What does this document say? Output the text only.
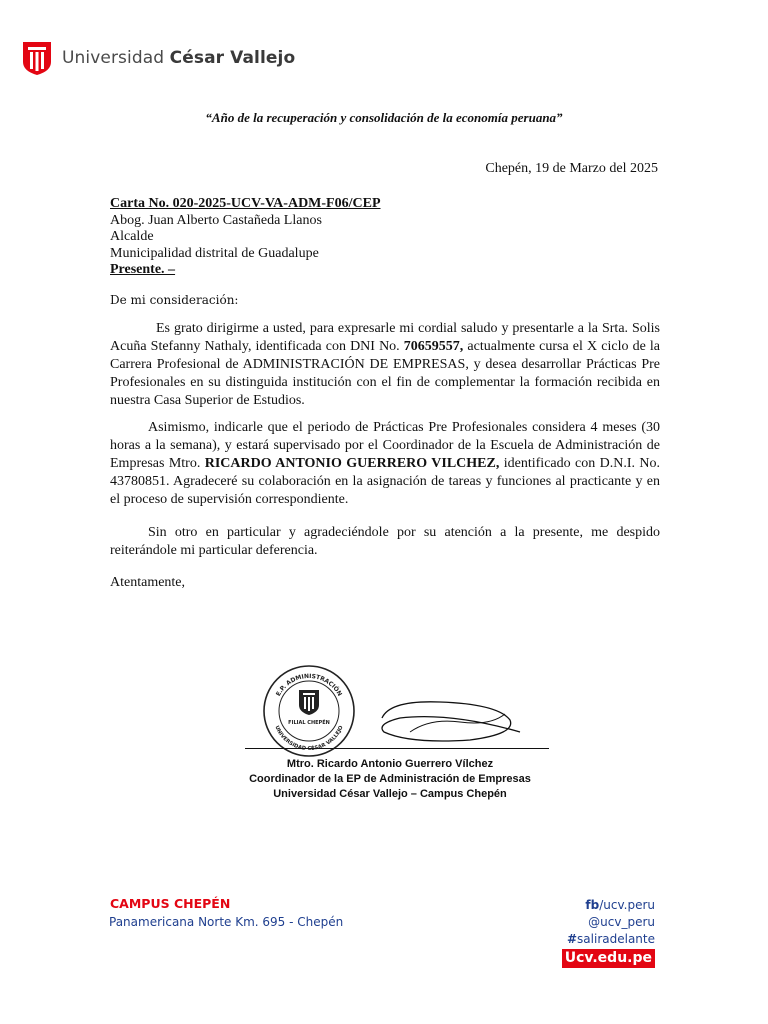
Universidad César Vallejo
“Año de la recuperación y consolidación de la economía peruana”
Chepén, 19 de Marzo del 2025
Carta No. 020-2025-UCV-VA-ADM-F06/CEP
Abog. Juan Alberto Castañeda Llanos
Alcalde
Municipalidad distrital de Guadalupe
Presente. –
De mi consideración:
Es grato dirigirme a usted, para expresarle mi cordial saludo y presentarle a la Srta. Solis Acuña Stefanny Nathaly, identificada con DNI No. 70659557, actualmente cursa el X ciclo de la Carrera Profesional de ADMINISTRACIÓN DE EMPRESAS, y desea desarrollar Prácticas Pre Profesionales en su distinguida institución con el fin de complementar la formación recibida en nuestra Casa Superior de Estudios.
Asimismo, indicarle que el periodo de Prácticas Pre Profesionales considera 4 meses (30 horas a la semana), y estará supervisado por el Coordinador de la Escuela de Administración de Empresas Mtro. RICARDO ANTONIO GUERRERO VILCHEZ, identificado con D.N.I. No. 43780851. Agradeceré su colaboración en la asignación de tareas y funciones al practicante y en el proceso de supervisión correspondiente.
Sin otro en particular y agradeciéndole por su atención a la presente, me despido reiterándole mi particular deferencia.
Atentamente,
E.P. ADMINISTRACIÓN
UNIVERSIDAD CÉSAR VALLEJO
FILIAL CHEPÉN
Mtro. Ricardo Antonio Guerrero Vílchez
Coordinador de la EP de Administración de Empresas
Universidad César Vallejo – Campus Chepén
CAMPUS CHEPÉN
Panamericana Norte Km. 695 - Chepén
fb/ucv.peru
@ucv_peru
#saliradelante
Ucv.edu.pe
